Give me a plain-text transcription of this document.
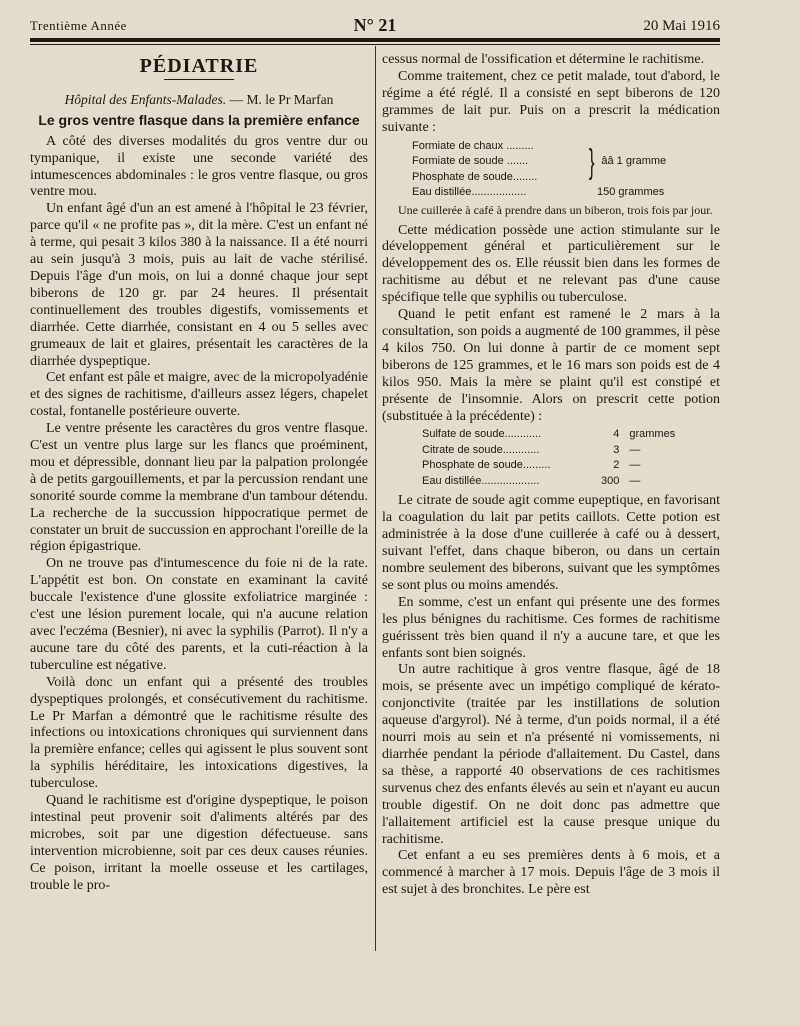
Trentième Année	N° 21	20 Mai 1916
PÉDIATRIE
Hôpital des Enfants-Malades. — M. le Pr Marfan
Le gros ventre flasque dans la première enfance

A côté des diverses modalités du gros ventre dur ou tympanique, il existe une seconde variété des intumescences abdominales : le gros ventre flasque, ou gros ventre mou.

Un enfant âgé d'un an est amené à l'hôpital le 23 février, parce qu'il « ne profite pas », dit la mère. C'est un enfant né à terme, qui pesait 3 kilos 380 à la naissance. Il a été nourri au sein jusqu'à 3 mois, puis au lait de vache stérilisé. Depuis l'âge d'un mois, on lui a donné chaque jour sept biberons de 120 gr. par 24 heures. Il présentait continuellement des troubles digestifs, vomissements et diarrhée. Cette diarrhée, consistant en 4 ou 5 selles avec grumeaux de lait et glaires, présentait les caractères de la diarrhée dyspeptique.

Cet enfant est pâle et maigre, avec de la micropolyadénie et des signes de rachitisme, d'ailleurs assez légers, chapelet costal, fontanelle postérieure ouverte.

Le ventre présente les caractères du gros ventre flasque. C'est un ventre plus large sur les flancs que proéminent, mou et dépressible, donnant lieu par la palpation prolongée à de petits gargouillements, et par la percussion rendant une sonorité sourde comme la membrane d'un tambour détendu. La recherche de la succussion hippocratique permet de constater un bruit de succussion en approchant l'oreille de la région épigastrique.

On ne trouve pas d'intumescence du foie ni de la rate. L'appétit est bon. On constate en examinant la cavité buccale l'existence d'une glossite exfoliatrice marginée : c'est une lésion purement locale, qui n'a aucune relation avec l'eczéma (Besnier), ni avec la syphilis (Parrot). Il n'y a aucune tare du côté des parents, et la cuti-réaction à la tuberculine est négative.

Voilà donc un enfant qui a présenté des troubles dyspeptiques prolongés, et consécutivement du rachitisme. Le Pr Marfan a démontré que le rachitisme résulte des infections ou intoxications chroniques qui surviennent dans la première enfance; celles qui agissent le plus souvent sont la syphilis héréditaire, les intoxications digestives, la tuberculose.

Quand le rachitisme est d'origine dyspeptique, le poison intestinal peut provenir soit d'aliments altérés par des microbes, soit par une digestion défectueuse. sans intervention microbienne, soit par ces deux causes réunies. Ce poison, irritant la moelle osseuse et les cartilages, trouble le pro-

cessus normal de l'ossification et détermine le rachitisme.

Comme traitement, chez ce petit malade, tout d'abord, le régime a été réglé. Il a consisté en sept biberons de 120 grammes de lait pur. Puis on a prescrit la médication suivante :

Formiate de chaux .........
Formiate de soude .......
Phosphate de soude........	} ââ 1 gramme
Eau distillée..................	150 grammes
Une cuillerée à café à prendre dans un biberon, trois fois par jour.

Cette médication possède une action stimulante sur le développement général et particulièrement sur le développement des os. Elle réussit bien dans les formes de rachitisme au début et ne relevant pas d'une cause spécifique telle que syphilis ou tuberculose.

Quand le petit enfant est ramené le 2 mars à la consultation, son poids a augmenté de 100 grammes, il pèse 4 kilos 750. On lui donne à partir de ce moment sept biberons de 125 grammes, et le 16 mars son poids est de 4 kilos 950. Mais la mère se plaint qu'il est constipé et présente de l'insomnie. Alors on prescrit cette potion (substituée à la précédente) :

Sulfate de soude............	4 grammes
Citrate de soude............	3 —
Phosphate de soude.........	2 —
Eau distillée...................	300 —

Le citrate de soude agit comme eupeptique, en favorisant la coagulation du lait par petits caillots. Cette potion est administrée à la dose d'une cuillerée à café ou à dessert, suivant l'effet, dans chaque biberon, ou dans un certain nombre seulement des biberons, suivant que les symptômes se sont plus ou moins amendés.

En somme, c'est un enfant qui présente une des formes les plus bénignes du rachitisme. Ces formes de rachitisme guérissent très bien quand il n'y a aucune tare, et que les enfants sont bien soignés.

Un autre rachitique à gros ventre flasque, âgé de 18 mois, se présente avec un impétigo compliqué de kérato-conjonctivite (traitée par les instillations de solution aqueuse d'argyrol). Né à terme, d'un poids normal, il a été nourri mois au sein et n'a présenté ni vomissements, ni diarrhée pendant la période d'allaitement. Du Castel, dans sa thèse, a rapporté 40 observations de ces rachitismes survenus chez des enfants élevés au sein et n'ayant eu aucun trouble digestif. On ne doit donc pas admettre que l'allaitement artificiel est la cause presque unique du rachitisme.

Cet enfant a eu ses premières dents à 6 mois, et a commencé à marcher à 17 mois. Depuis l'âge de 3 mois il est sujet à des bronchites. Le père est
